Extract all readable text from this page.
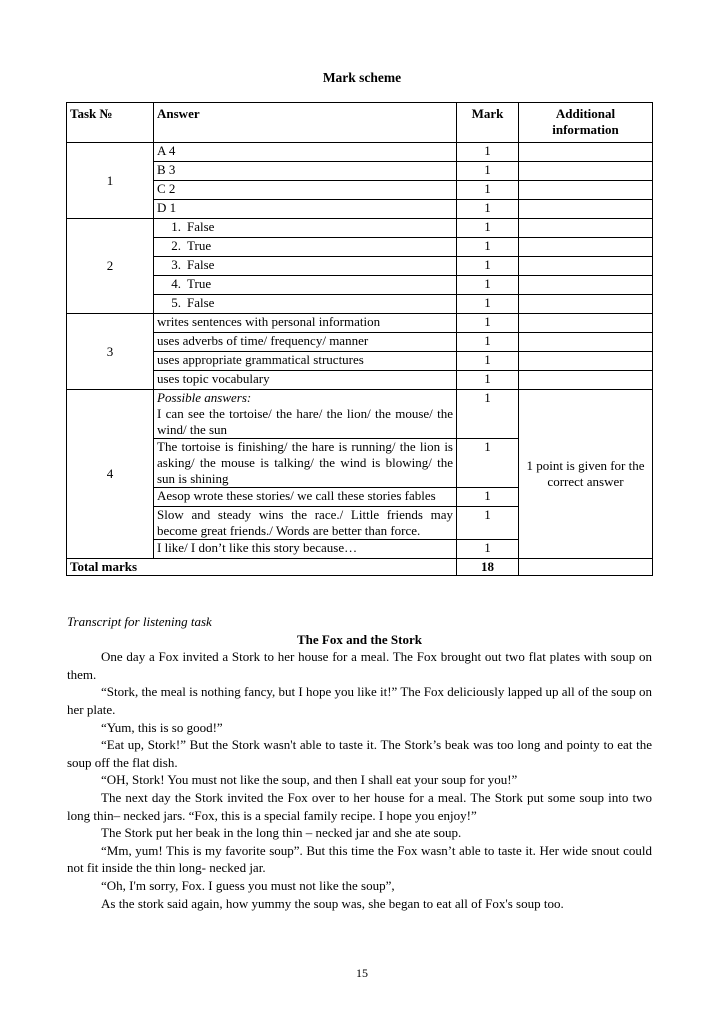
Mark scheme
Task №	Answer	Mark	Additional information
1	A 4	1	
	B 3	1	
	C 2	1	
	D 1	1	
2	1. False	1	
	2. True	1	
	3. False	1	
	4. True	1	
	5. False	1	
3	writes sentences with personal information	1	
	uses adverbs of time/ frequency/ manner	1	
	uses appropriate grammatical structures	1	
	uses topic vocabulary	1	
4	Possible answers:
I can see the tortoise/ the hare/ the lion/ the mouse/ the wind/ the sun	1	1 point is given for the correct answer
	The tortoise is finishing/ the hare is running/ the lion is asking/ the mouse is talking/ the wind is blowing/ the sun is shining	1	
	Aesop wrote these stories/ we call these stories fables	1	
	Slow and steady wins the race./ Little friends may become great friends./ Words are better than force.	1	
	I like/ I don’t like this story because…	1	
Total marks		18	
Transcript for listening task
The Fox and the Stork

One day a Fox invited a Stork to her house for a meal. The Fox brought out two flat plates with soup on them.

“Stork, the meal is nothing fancy, but I hope you like it!” The Fox deliciously lapped up all of the soup on her plate.

“Yum, this is so good!”

“Eat up, Stork!” But the Stork wasn't able to taste it. The Stork’s beak was too long and pointy to eat the soup off the flat dish.

“OH, Stork! You must not like the soup, and then I shall eat your soup for you!”

The next day the Stork invited the Fox over to her house for a meal. The Stork put some soup into two long thin– necked jars. “Fox, this is a special family recipe. I hope you enjoy!”

The Stork put her beak in the long thin – necked jar and she ate soup.

“Mm, yum! This is my favorite soup”. But this time the Fox wasn’t able to taste it. Her wide snout could not fit inside the thin long- necked jar.

“Oh, I'm sorry, Fox. I guess you must not like the soup”,

As the stork said again, how yummy the soup was, she began to eat all of Fox's soup too.

15
